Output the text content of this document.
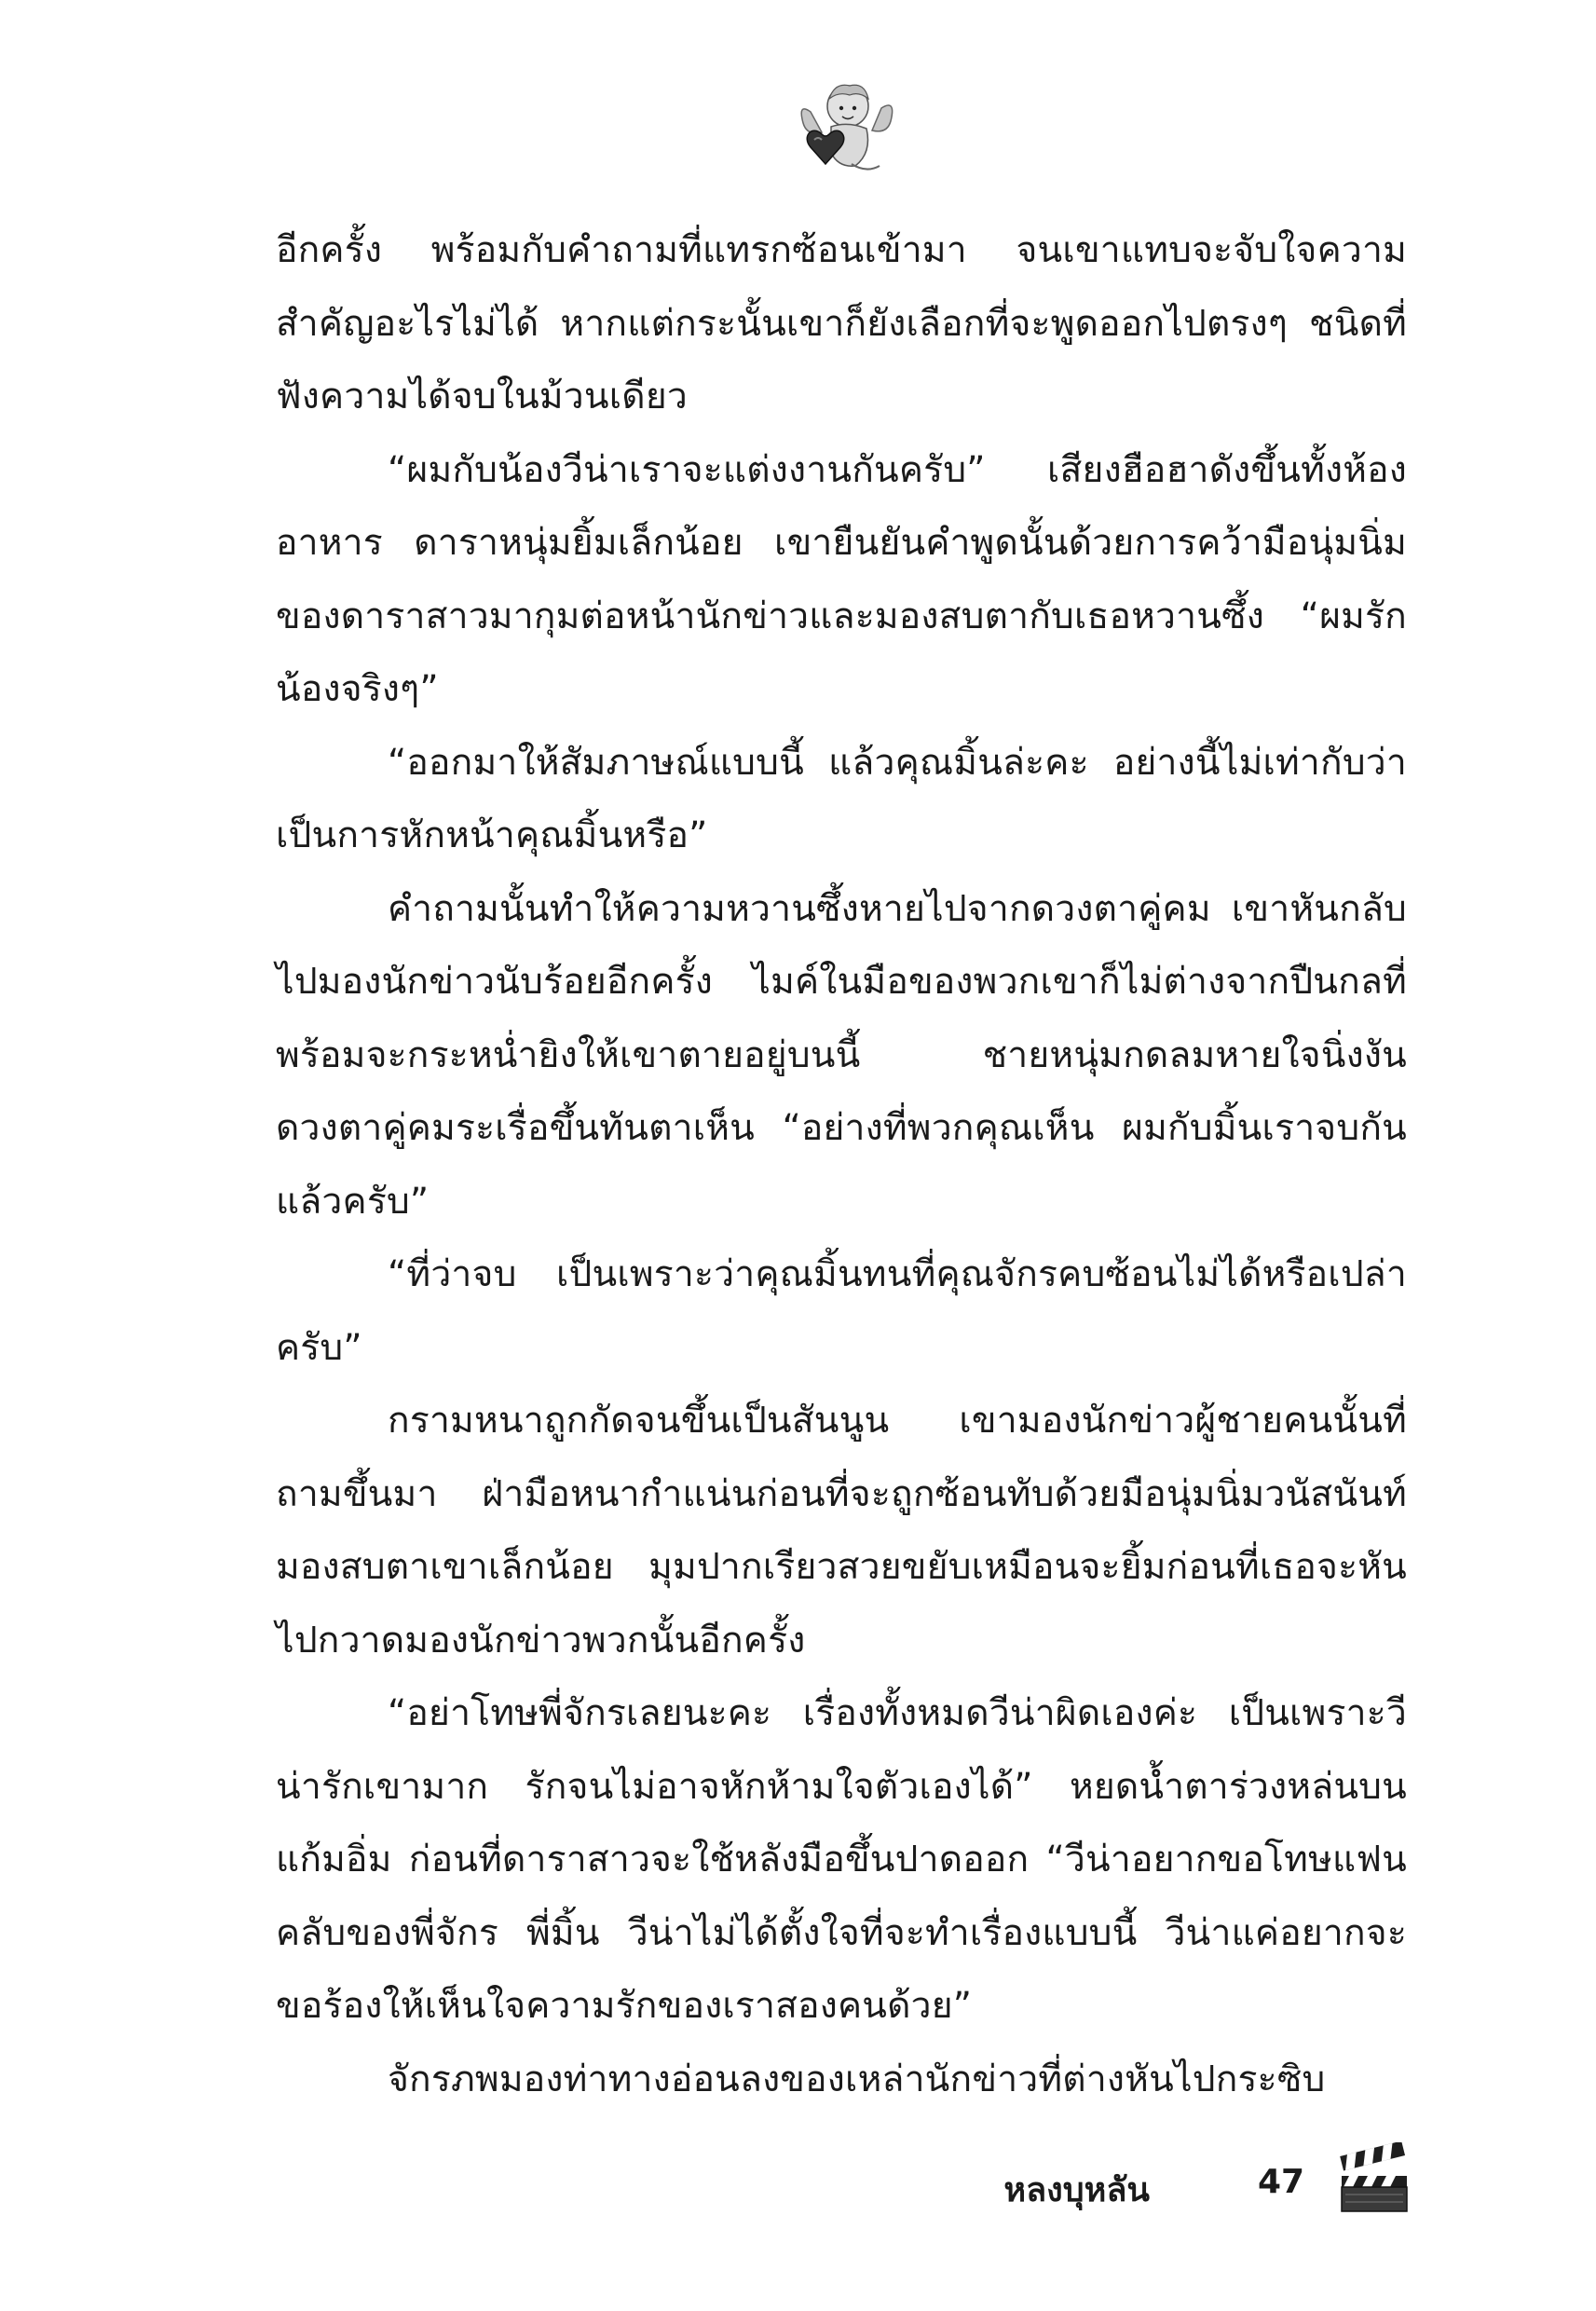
อีกครั้ง พร้อมกับคำถามที่แทรกซ้อนเข้ามา จนเขาแทบจะจับใจความสำคัญอะไรไม่ได้ หากแต่กระนั้นเขาก็ยังเลือกที่จะพูดออกไปตรงๆ ชนิดที่ฟังความได้จบในม้วนเดียว

“ผมกับน้องวีน่าเราจะแต่งงานกันครับ” เสียงฮือฮาดังขึ้นทั้งห้องอาหาร ดาราหนุ่มยิ้มเล็กน้อย เขายืนยันคำพูดนั้นด้วยการคว้ามือนุ่มนิ่มของดาราสาวมากุมต่อหน้านักข่าวและมองสบตากับเธอหวานซึ้ง “ผมรักน้องจริงๆ”

“ออกมาให้สัมภาษณ์แบบนี้ แล้วคุณมิ้นล่ะคะ อย่างนี้ไม่เท่ากับว่าเป็นการหักหน้าคุณมิ้นหรือ”

คำถามนั้นทำให้ความหวานซึ้งหายไปจากดวงตาคู่คม เขาหันกลับไปมองนักข่าวนับร้อยอีกครั้ง ไมค์ในมือของพวกเขาก็ไม่ต่างจากปืนกลที่พร้อมจะกระหน่ำยิงให้เขาตายอยู่บนนี้ ชายหนุ่มกดลมหายใจนิ่งงัน ดวงตาคู่คมระเรื่อขึ้นทันตาเห็น “อย่างที่พวกคุณเห็น ผมกับมิ้นเราจบกันแล้วครับ”

“ที่ว่าจบ เป็นเพราะว่าคุณมิ้นทนที่คุณจักรคบซ้อนไม่ได้หรือเปล่าครับ”

กรามหนาถูกกัดจนขึ้นเป็นสันนูน เขามองนักข่าวผู้ชายคนนั้นที่ถามขึ้นมา ฝ่ามือหนากำแน่นก่อนที่จะถูกซ้อนทับด้วยมือนุ่มนิ่มวนัสนันท์มองสบตาเขาเล็กน้อย มุมปากเรียวสวยขยับเหมือนจะยิ้มก่อนที่เธอจะหันไปกวาดมองนักข่าวพวกนั้นอีกครั้ง

“อย่าโทษพี่จักรเลยนะคะ เรื่องทั้งหมดวีน่าผิดเองค่ะ เป็นเพราะวีน่ารักเขามาก รักจนไม่อาจหักห้ามใจตัวเองได้” หยดน้ำตาร่วงหล่นบนแก้มอิ่ม ก่อนที่ดาราสาวจะใช้หลังมือขึ้นปาดออก “วีน่าอยากขอโทษแฟนคลับของพี่จักร พี่มิ้น วีน่าไม่ได้ตั้งใจที่จะทำเรื่องแบบนี้ วีน่าแค่อยากจะขอร้องให้เห็นใจความรักของเราสองคนด้วย”

จักรภพมองท่าทางอ่อนลงของเหล่านักข่าวที่ต่างหันไปกระซิบ

หลงบุหลัน	47
